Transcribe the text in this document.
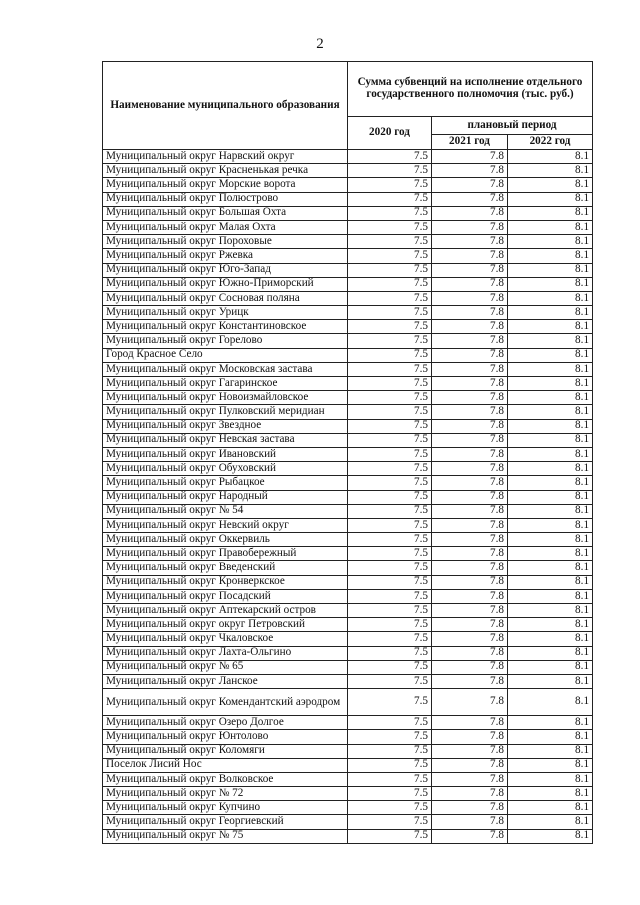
2
Наименование муниципального образования	Сумма субвенций на исполнение отдельного государственного полномочия (тыс. руб.)		
	2020 год	плановый период	
		2021 год	2022 год
Муниципальный округ Нарвский округ	7.5	7.8	8.1
Муниципальный округ Красненькая речка	7.5	7.8	8.1
Муниципальный округ Морские ворота	7.5	7.8	8.1
Муниципальный округ Полюстрово	7.5	7.8	8.1
Муниципальный округ Большая Охта	7.5	7.8	8.1
Муниципальный округ Малая Охта	7.5	7.8	8.1
Муниципальный округ Пороховые	7.5	7.8	8.1
Муниципальный округ Ржевка	7.5	7.8	8.1
Муниципальный округ Юго-Запад	7.5	7.8	8.1
Муниципальный округ Южно-Приморский	7.5	7.8	8.1
Муниципальный округ Сосновая поляна	7.5	7.8	8.1
Муниципальный округ Урицк	7.5	7.8	8.1
Муниципальный округ Константиновское	7.5	7.8	8.1
Муниципальный округ Горелово	7.5	7.8	8.1
Город Красное Село	7.5	7.8	8.1
Муниципальный округ Московская застава	7.5	7.8	8.1
Муниципальный округ Гагаринское	7.5	7.8	8.1
Муниципальный округ Новоизмайловское	7.5	7.8	8.1
Муниципальный округ Пулковский меридиан	7.5	7.8	8.1
Муниципальный округ Звездное	7.5	7.8	8.1
Муниципальный округ Невская застава	7.5	7.8	8.1
Муниципальный округ Ивановский	7.5	7.8	8.1
Муниципальный округ Обуховский	7.5	7.8	8.1
Муниципальный округ Рыбацкое	7.5	7.8	8.1
Муниципальный округ Народный	7.5	7.8	8.1
Муниципальный округ № 54	7.5	7.8	8.1
Муниципальный округ Невский округ	7.5	7.8	8.1
Муниципальный округ Оккервиль	7.5	7.8	8.1
Муниципальный округ Правобережный	7.5	7.8	8.1
Муниципальный округ Введенский	7.5	7.8	8.1
Муниципальный округ Кронверкское	7.5	7.8	8.1
Муниципальный округ Посадский	7.5	7.8	8.1
Муниципальный округ Аптекарский остров	7.5	7.8	8.1
Муниципальный округ округ Петровский	7.5	7.8	8.1
Муниципальный округ Чкаловское	7.5	7.8	8.1
Муниципальный округ Лахта-Ольгино	7.5	7.8	8.1
Муниципальный округ № 65	7.5	7.8	8.1
Муниципальный округ Ланское	7.5	7.8	8.1
Муниципальный округ Комендантский аэродром	7.5	7.8	8.1
Муниципальный округ Озеро Долгое	7.5	7.8	8.1
Муниципальный округ Юнтолово	7.5	7.8	8.1
Муниципальный округ Коломяги	7.5	7.8	8.1
Поселок Лисий Нос	7.5	7.8	8.1
Муниципальный округ Волковское	7.5	7.8	8.1
Муниципальный округ № 72	7.5	7.8	8.1
Муниципальный округ Купчино	7.5	7.8	8.1
Муниципальный округ Георгиевский	7.5	7.8	8.1
Муниципальный округ № 75	7.5	7.8	8.1
